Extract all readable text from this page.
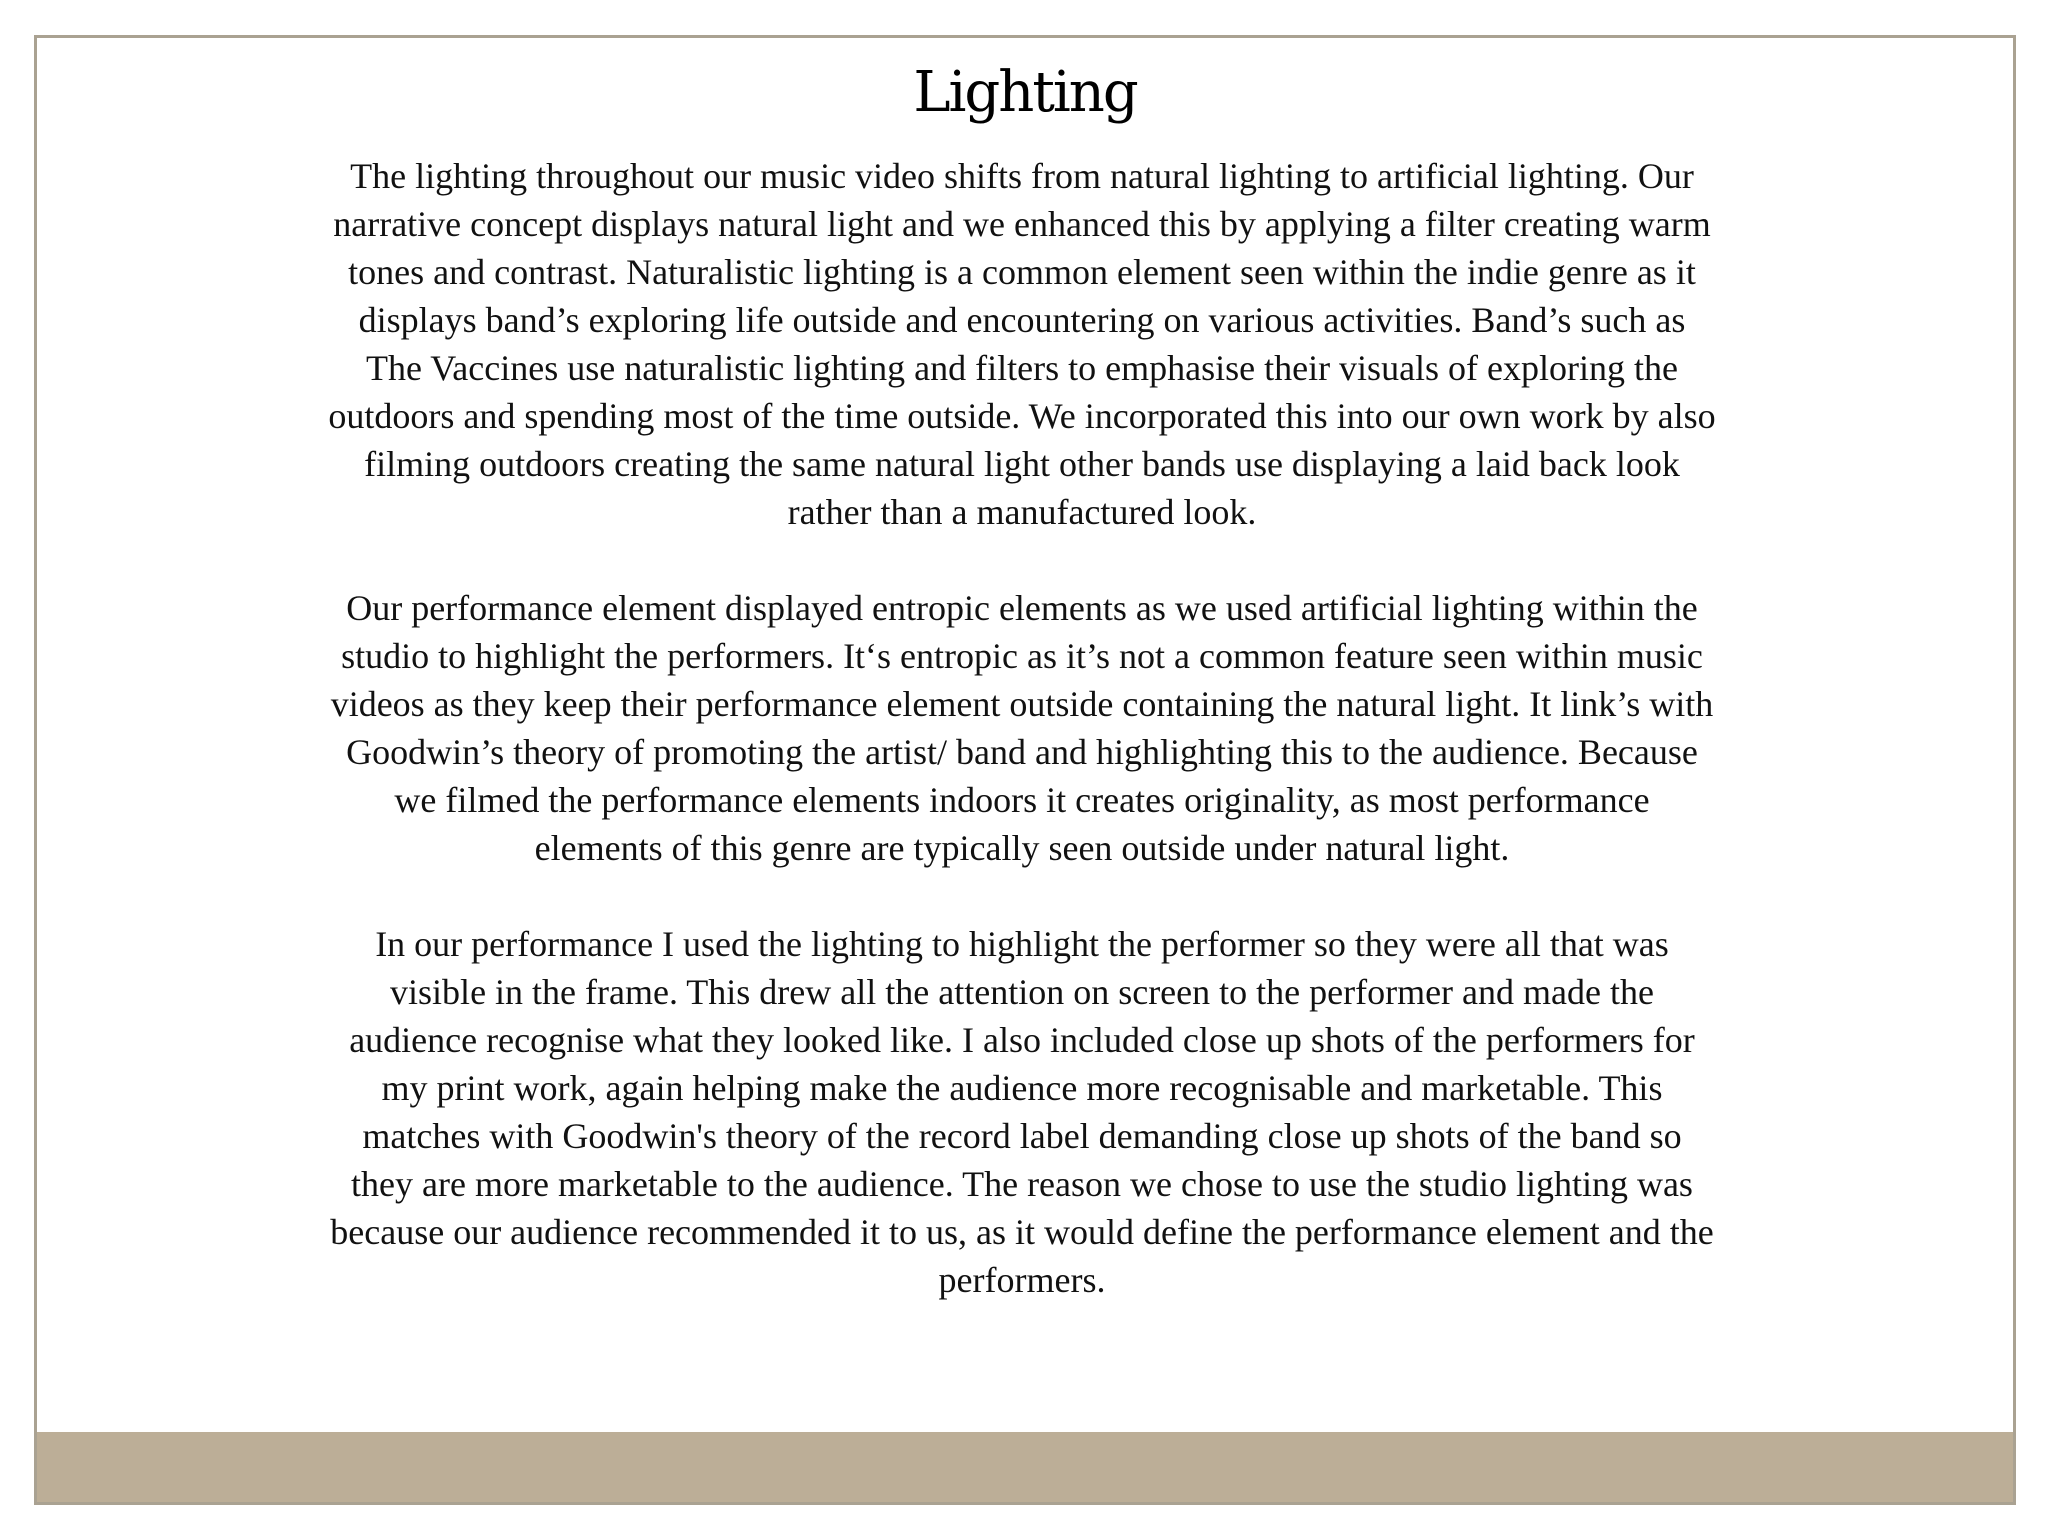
Lighting

The lighting throughout our music video shifts from natural lighting to artificial lighting. Our narrative concept displays natural light and we enhanced this by applying a filter creating warm tones and contrast. Naturalistic lighting is a common element seen within the indie genre as it displays band’s exploring life outside and encountering on various activities. Band’s such as The Vaccines use naturalistic lighting and filters to emphasise their visuals of exploring the outdoors and spending most of the time outside. We incorporated this into our own work by also filming outdoors creating the same natural light other bands use displaying a laid back look rather than a manufactured look.

Our performance element displayed entropic elements as we used artificial lighting within the studio to highlight the performers. It‘s entropic as it’s not a common feature seen within music videos as they keep their performance element outside containing the natural light. It link’s with Goodwin’s theory of promoting the artist/ band and highlighting this to the audience. Because we filmed the performance elements indoors it creates originality, as most performance elements of this genre are typically seen outside under natural light.

In our performance I used the lighting to highlight the performer so they were all that was visible in the frame. This drew all the attention on screen to the performer and made the audience recognise what they looked like. I also included close up shots of the performers for my print work, again helping make the audience more recognisable and marketable. This matches with Goodwin's theory of the record label demanding close up shots of the band so they are more marketable to the audience. The reason we chose to use the studio lighting was because our audience recommended it to us, as it would define the performance element and the performers.
